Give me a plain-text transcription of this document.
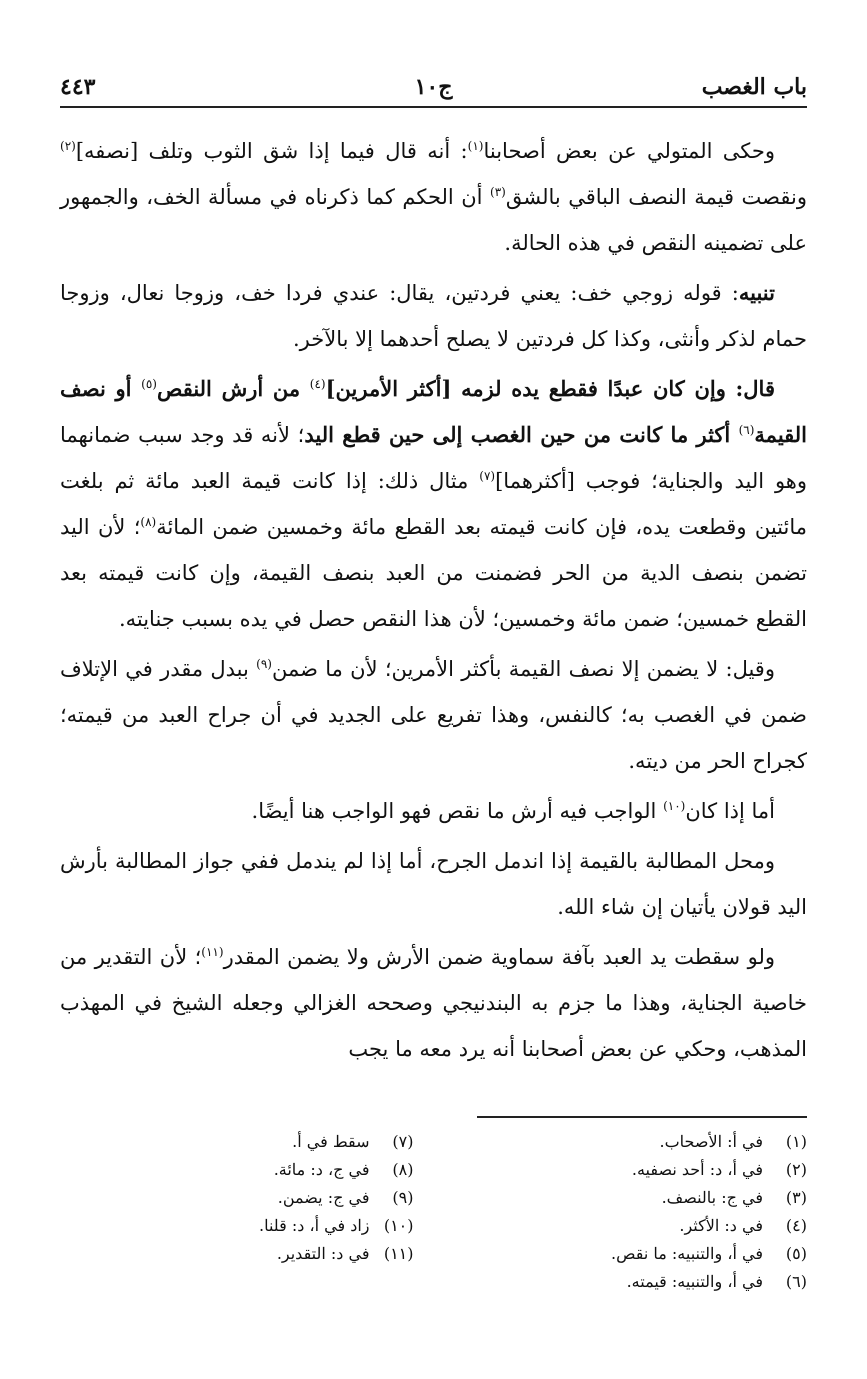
باب الغصب
ج١٠
٤٤٣

وحكى المتولي عن بعض أصحابنا$^{(١)}$: أنه قال فيما إذا شق الثوب وتلف [نصفه]$^{(٢)}$ ونقصت قيمة النصف الباقي بالشق$^{(٣)}$ أن الحكم كما ذكرناه في مسألة الخف، والجمهور على تضمينه النقص في هذه الحالة.

تنبيه: قوله زوجي خف: يعني فردتين، يقال: عندي فردا خف، وزوجا نعال، وزوجا حمام لذكر وأنثى، وكذا كل فردتين لا يصلح أحدهما إلا بالآخر.

قال: وإن كان عبدًا فقطع يده لزمه [أكثر الأمرين]$^{(٤)}$ من أرش النقص$^{(٥)}$ أو نصف القيمة$^{(٦)}$ أكثر ما كانت من حين الغصب إلى حين قطع اليد؛ لأنه قد وجد سبب ضمانهما وهو اليد والجناية؛ فوجب [أكثرهما]$^{(٧)}$ مثال ذلك: إذا كانت قيمة العبد مائة ثم بلغت مائتين وقطعت يده، فإن كانت قيمته بعد القطع مائة وخمسين ضمن المائة$^{(٨)}$؛ لأن اليد تضمن بنصف الدية من الحر فضمنت من العبد بنصف القيمة، وإن كانت قيمته بعد القطع خمسين؛ ضمن مائة وخمسين؛ لأن هذا النقص حصل في يده بسبب جنايته.

وقيل: لا يضمن إلا نصف القيمة بأكثر الأمرين؛ لأن ما ضمن$^{(٩)}$ ببدل مقدر في الإتلاف ضمن في الغصب به؛ كالنفس، وهذا تفريع على الجديد في أن جراح العبد من قيمته؛ كجراح الحر من ديته.

أما إذا كان$^{(١٠)}$ الواجب فيه أرش ما نقص فهو الواجب هنا أيضًا.

ومحل المطالبة بالقيمة إذا اندمل الجرح، أما إذا لم يندمل ففي جواز المطالبة بأرش اليد قولان يأتيان إن شاء الله.

ولو سقطت يد العبد بآفة سماوية ضمن الأرش ولا يضمن المقدر$^{(١١)}$؛ لأن التقدير من خاصية الجناية، وهذا ما جزم به البندنيجي وصححه الغزالي وجعله الشيخ في المهذب المذهب، وحكي عن بعض أصحابنا أنه يرد معه ما يجب

(١)في أ: الأصحاب.
(٢)في أ، د: أحد نصفيه.
(٣)في ج: بالنصف.
(٤)في د: الأكثر.
(٥)في أ، والتنبيه: ما نقص.
(٦)في أ، والتنبيه: قيمته.
(٧)سقط في أ.
(٨)في ج، د: مائة.
(٩)في ج: يضمن.
(١٠)زاد في أ، د: قلنا.
(١١)في د: التقدير.
